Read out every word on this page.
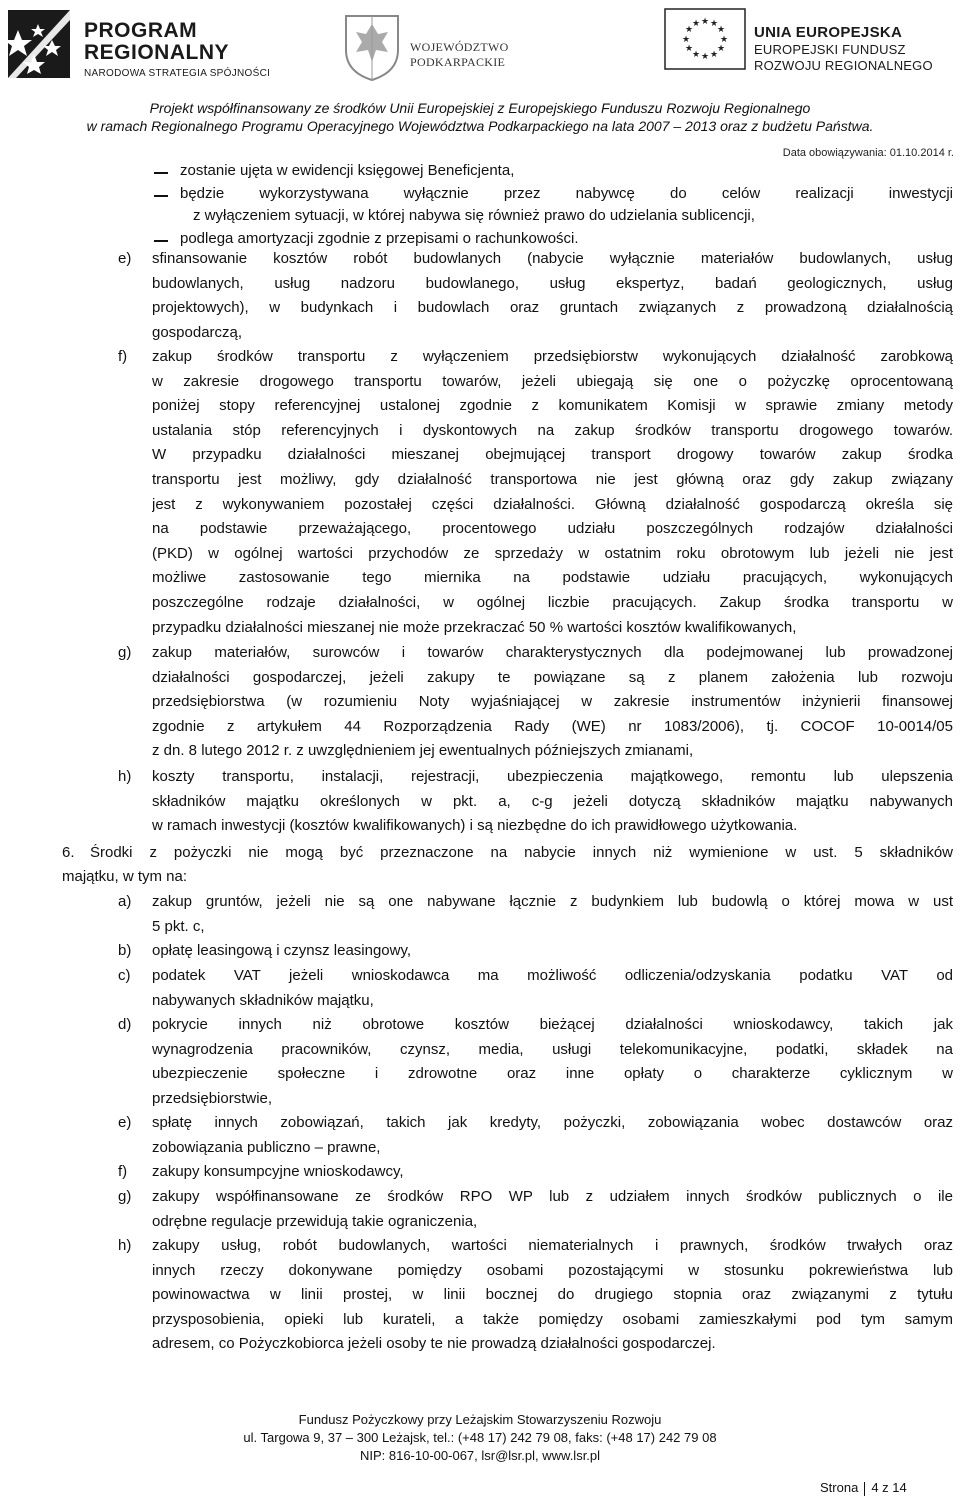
PROGRAM
REGIONALNY
NARODOWA STRATEGIA SPÓJNOŚCI
WOJEWÓDZTWO PODKARPACKIE
★ ★
★
★
★
★
★
★
★
★
★
★	UNIA EUROPEJSKA
EUROPEJSKI FUNDUSZ
ROZWOJU REGIONALNEGO
Projekt współfinansowany ze środków Unii Europejskiej z Europejskiego Funduszu Rozwoju Regionalnego
w ramach Regionalnego Programu Operacyjnego Województwa Podkarpackiego na lata 2007 – 2013 oraz z budżetu Państwa.
Data obowiązywania: 01.10.2014 r.
zostanie ujęta w ewidencji księgowej Beneficjenta,
będzie wykorzystywana wyłącznie przez nabywcę do celów realizacji inwestycji
z wyłączeniem sytuacji, w której nabywa się również prawo do udzielania sublicencji,
podlega amortyzacji zgodnie z przepisami o rachunkowości.
e) sfinansowanie kosztów robót budowlanych (nabycie wyłącznie materiałów budowlanych, usług
budowlanych, usług nadzoru budowlanego, usług ekspertyz, badań geologicznych, usług
projektowych), w budynkach i budowlach oraz gruntach związanych z prowadzoną działalnością
gospodarczą,
f) zakup środków transportu z wyłączeniem przedsiębiorstw wykonujących działalność zarobkową
w zakresie drogowego transportu towarów, jeżeli ubiegają się one o pożyczkę oprocentowaną
poniżej stopy referencyjnej ustalonej zgodnie z komunikatem Komisji w sprawie zmiany metody
ustalania stóp referencyjnych i dyskontowych na zakup środków transportu drogowego towarów.
W przypadku działalności mieszanej obejmującej transport drogowy towarów zakup środka
transportu jest możliwy, gdy działalność transportowa nie jest główną oraz gdy zakup związany
jest z wykonywaniem pozostałej części działalności. Główną działalność gospodarczą określa się
na podstawie przeważającego, procentowego udziału poszczególnych rodzajów działalności
(PKD) w ogólnej wartości przychodów ze sprzedaży w ostatnim roku obrotowym lub jeżeli nie jest
możliwe zastosowanie tego miernika na podstawie udziału pracujących, wykonujących
poszczególne rodzaje działalności, w ogólnej liczbie pracujących. Zakup środka transportu w
przypadku działalności mieszanej nie może przekraczać 50 % wartości kosztów kwalifikowanych,
g) zakup materiałów, surowców i towarów charakterystycznych dla podejmowanej lub prowadzonej
działalności gospodarczej, jeżeli zakupy te powiązane są z planem założenia lub rozwoju
przedsiębiorstwa (w rozumieniu Noty wyjaśniającej w zakresie instrumentów inżynierii finansowej
zgodnie z artykułem 44 Rozporządzenia Rady (WE) nr 1083/2006), tj. COCOF 10-0014/05
z dn. 8 lutego 2012 r. z uwzględnieniem jej ewentualnych późniejszych zmianami,
h) koszty transportu, instalacji, rejestracji, ubezpieczenia majątkowego, remontu lub ulepszenia
składników majątku określonych w pkt. a, c-g jeżeli dotyczą składników majątku nabywanych
w ramach inwestycji (kosztów kwalifikowanych) i są niezbędne do ich prawidłowego użytkowania.
6. Środki z pożyczki nie mogą być przeznaczone na nabycie innych niż wymienione w ust. 5 składników
majątku, w tym na:
a) zakup gruntów, jeżeli nie są one nabywane łącznie z budynkiem lub budowlą o której mowa w ust
5 pkt. c,
b) opłatę leasingową i czynsz leasingowy,
c) podatek VAT jeżeli wnioskodawca ma możliwość odliczenia/odzyskania podatku VAT od
nabywanych składników majątku,
d) pokrycie innych niż obrotowe kosztów bieżącej działalności wnioskodawcy, takich jak
wynagrodzenia pracowników, czynsz, media, usługi telekomunikacyjne, podatki, składek na
ubezpieczenie społeczne i zdrowotne oraz inne opłaty o charakterze cyklicznym w
przedsiębiorstwie,
e) spłatę innych zobowiązań, takich jak kredyty, pożyczki, zobowiązania wobec dostawców oraz
zobowiązania publiczno – prawne,
f) zakupy konsumpcyjne wnioskodawcy,
g) zakupy współfinansowane ze środków RPO WP lub z udziałem innych środków publicznych o ile
odrębne regulacje przewidują takie ograniczenia,
h) zakupy usług, robót budowlanych, wartości niematerialnych i prawnych, środków trwałych oraz
innych rzeczy dokonywane pomiędzy osobami pozostającymi w stosunku pokrewieństwa lub
powinowactwa w linii prostej, w linii bocznej do drugiego stopnia oraz związanymi z tytułu
przysposobienia, opieki lub kurateli, a także pomiędzy osobami zamieszkałymi pod tym samym
adresem, co Pożyczkobiorca jeżeli osoby te nie prowadzą działalności gospodarczej.
Fundusz Pożyczkowy przy Leżajskim Stowarzyszeniu Rozwoju
ul. Targowa 9, 37 – 300 Leżajsk, tel.: (+48 17) 242 79 08, faks: (+48 17) 242 79 08
NIP: 816-10-00-067, lsr@lsr.pl, www.lsr.pl
Strona 4 z 14
